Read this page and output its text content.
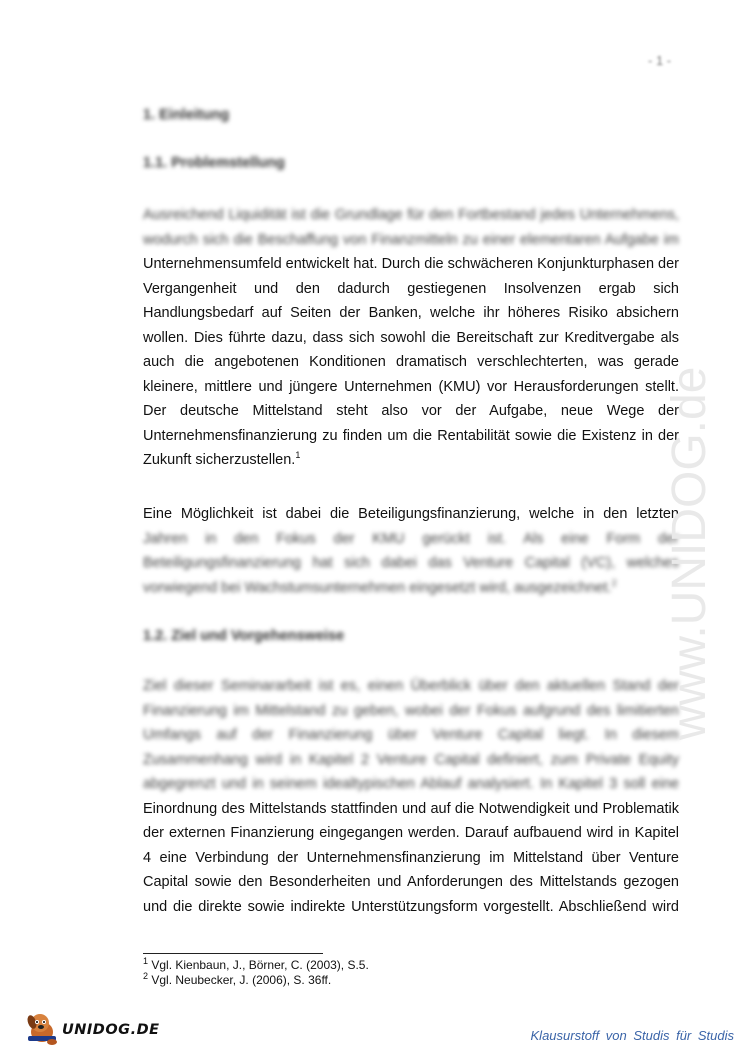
- 1 -
1. Einleitung
1.1. Problemstellung
Ausreichend Liquidität ist die Grundlage für den Fortbestand jedes Unternehmens,
wodurch sich die Beschaffung von Finanzmitteln zu einer elementaren Aufgabe im
Unternehmensumfeld entwickelt hat. Durch die schwächeren Konjunkturphasen der
Vergangenheit und den dadurch gestiegenen Insolvenzen ergab sich
Handlungsbedarf auf Seiten der Banken, welche ihr höheres Risiko absichern
wollen. Dies führte dazu, dass sich sowohl die Bereitschaft zur Kreditvergabe als
auch die angebotenen Konditionen dramatisch verschlechterten, was gerade
kleinere, mittlere und jüngere Unternehmen (KMU) vor Herausforderungen stellt.
Der deutsche Mittelstand steht also vor der Aufgabe, neue Wege der
Unternehmensfinanzierung zu finden um die Rentabilität sowie die Existenz in der
Zukunft sicherzustellen.$^1$
Eine Möglichkeit ist dabei die Beteiligungsfinanzierung, welche in den letzten
Jahren in den Fokus der KMU gerückt ist. Als eine Form der
Beteiligungsfinanzierung hat sich dabei das Venture Capital (VC), welches
vorwiegend bei Wachstumsunternehmen eingesetzt wird, ausgezeichnet.$^2$
1.2. Ziel und Vorgehensweise
Ziel dieser Seminararbeit ist es, einen Überblick über den aktuellen Stand der
Finanzierung im Mittelstand zu geben, wobei der Fokus aufgrund des limitierten
Umfangs auf der Finanzierung über Venture Capital liegt. In diesem
Zusammenhang wird in Kapitel 2 Venture Capital definiert, zum Private Equity
abgegrenzt und in seinem idealtypischen Ablauf analysiert. In Kapitel 3 soll eine
Einordnung des Mittelstands stattfinden und auf die Notwendigkeit und Problematik
der externen Finanzierung eingegangen werden. Darauf aufbauend wird in Kapitel
4 eine Verbindung der Unternehmensfinanzierung im Mittelstand über Venture
Capital sowie den Besonderheiten und Anforderungen des Mittelstands gezogen
und die direkte sowie indirekte Unterstützungsform vorgestellt. Abschließend wird
$^1$ Vgl. Kienbaun, J., Börner, C. (2003), S.5.
$^2$ Vgl. Neubecker, J. (2006), S. 36ff.
www.UNIDOG.de
UNIDOG.DE	Klausurstoff von Studis für Studis
